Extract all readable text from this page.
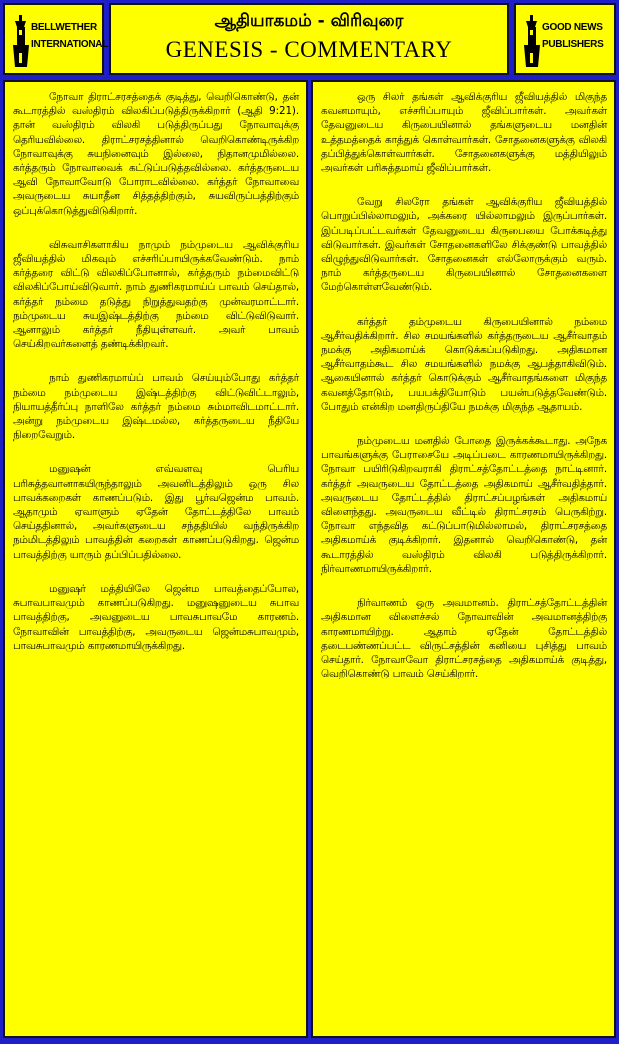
BELLWETHER
INTERNATIONAL
ஆதியாகமம் - விரிவுரை
GENESIS - COMMENTARY
GOOD NEWS
PUBLISHERS

நோவா திராட்சரசத்தைக் குடித்து, வெறிகொண்டு, தன் கூடாரத்தில் வஸ்திரம் விலகிப்படுத்திருக்கிறார் (ஆதி 9:21). தான் வஸ்திரம் விலகி படுத்திருப்பது நோவாவுக்கு தெரியவில்லை. திராட்சரசத்தினால் வெறிகொண்டிருக்கிற நோவாவுக்கு சுயநினைவும் இல்லை, நிதானமுமில்லை. கர்த்தரும் நோவாவைக் கட்டுப்படுத்தவில்லை. கர்த்தருடைய ஆவி நோவாவோடு போராடவில்லை. கர்த்தர் நோவாவை அவருடைய சுயாதீன சித்தத்திற்கும், சுயவிருப்பத்திற்கும் ஒப்புக்கொடுத்துவிடுகிறார்.

விசுவாசிகளாகிய நாமும் நம்முடைய ஆவிக்குரிய ஜீவியத்தில் மிகவும் எச்சரிப்பாயிருக்கவேண்டும். நாம் கர்த்தரை விட்டு விலகிப்போனால், கர்த்தரும் நம்மைவிட்டு விலகிப்போய்விடுவார். நாம் துணிகரமாய்ப் பாவம் செய்தால், கர்த்தர் நம்மை தடுத்து நிறுத்துவதற்கு முன்வரமாட்டார். நம்முடைய சுயஇஷ்டத்திற்கு நம்மை விட்டுவிடுவார். ஆனாலும் கர்த்தர் நீதியுள்ளவர். அவர் பாவம் செய்கிறவர்களைத் தண்டிக்கிறவர்.

நாம் துணிகரமாய்ப் பாவம் செய்யும்போது கர்த்தர் நம்மை நம்முடைய இஷ்டத்திற்கு விட்டுவிட்டாலும், நியாயத்தீர்ப்பு நாளிலே கர்த்தர் நம்மை சும்மாவிடமாட்டார். அன்று நம்முடைய இஷ்டமல்ல, கர்த்தருடைய நீதியே நிறைவேறும்.

மனுஷன் எவ்வளவு பெரிய பரிசுத்தவானாகயிருந்தாலும் அவனிடத்திலும் ஒரு சில பாவக்கறைகள் காணப்படும். இது பூர்வஜென்ம பாவம். ஆதாமும் ஏவாளும் ஏதேன் தோட்டத்திலே பாவம் செய்ததினால், அவர்களுடைய சந்ததியில் வந்திருக்கிற நம்மிடத்திலும் பாவத்தின் கறைகள் காணப்படுகிறது. ஜென்ம பாவத்திற்கு யாரும் தப்பிப்பதில்லை.

மனுஷர் மத்தியிலே ஜென்ம பாவத்தைப்போல, சுபாவபாவமும் காணப்படுகிறது. மனுஷனுடைய சுபாவ பாவத்திற்கு, அவனுடைய பாவசுபாவமே காரணம். நோவாவின் பாவத்திற்கு, அவருடைய ஜென்மசுபாவமும், பாவசுபாவமும் காரணமாயிருக்கிறது.

ஒரு சிலர் தங்கள் ஆவிக்குரிய ஜீவியத்தில் மிகுந்த கவனமாயும், எச்சரிப்பாயும் ஜீவிப்பார்கள். அவர்கள் தேவனுடைய கிருபையினால் தங்களுடைய மனதின் உத்தமத்தைக் காத்துக் கொள்வார்கள். சோதனைகளுக்கு விலகி தப்பித்துக்கொள்வார்கள். சோதனைகளுக்கு மத்தியிலும் அவர்கள் பரிசுத்தமாய் ஜீவிப்பார்கள்.

வேறு சிலரோ தங்கள் ஆவிக்குரிய ஜீவியத்தில் பொறுப்பில்லாமலும், அக்கரை யில்லாமலும் இருப்பார்கள். இப்படிப்பட்டவர்கள் தேவனுடைய கிருபையை போக்கடித்து விடுவார்கள். இவர்கள் சோதனைகளிலே சிக்குண்டு பாவத்தில் விழுந்துவிடுவார்கள். சோதனைகள் எல்லோருக்கும் வரும். நாம் கர்த்தருடைய கிருபையினால் சோதனைகளை மேற்கொள்ளவேண்டும்.

கர்த்தர் தம்முடைய கிருபையினால் நம்மை ஆசீர்வதிக்கிறார். சில சமயங்களில் கர்த்தருடைய ஆசீர்வாதம் நமக்கு அதிகமாய்க் கொடுக்கப்படுகிறது. அதிகமான ஆசீர்வாதம்கூட சில சமயங்களில் நமக்கு ஆபத்தாகிவிடும். ஆகையினால் கர்த்தர் கொடுக்கும் ஆசீர்வாதங்களை மிகுந்த கவனத்தோடும், பயபக்தியோடும் பயன்படுத்தவேண்டும். போதும் என்கிற மனதிருப்தியே நமக்கு மிகுந்த ஆதாயம்.

நம்முடைய மனதில் போதை இருக்கக்கூடாது. அநேக பாவங்களுக்கு பேராசையே அடிப்படை காரணமாயிருக்கிறது. நோவா பயிரிடுகிறவராகி திராட்சத்தோட்டத்தை நாட்டினார். கர்த்தர் அவருடைய தோட்டத்தை அதிகமாய் ஆசீர்வதித்தார். அவருடைய தோட்டத்தில் திராட்சப்பழங்கள் அதிகமாய் விளைந்தது. அவருடைய வீட்டில் திராட்சரசம் பெருகிற்று. நோவா எந்தவித கட்டுப்பாடுமில்லாமல், திராட்சரசத்தை அதிகமாய்க் குடிக்கிறார். இதனால் வெறிகொண்டு, தன் கூடாரத்தில் வஸ்திரம் விலகி படுத்திருக்கிறார். நிர்வாணமாயிருக்கிறார்.

நிர்வாணம் ஒரு அவமானம். திராட்சத்தோட்டத்தின் அதிகமான விளைச்சல் நோவாவின் அவமானத்திற்கு காரணமாயிற்று. ஆதாம் ஏதேன் தோட்டத்தில் தடைபண்ணப்பட்ட விருட்சத்தின் கனியை புசித்து பாவம் செய்தார். நோவாவோ திராட்சரசத்தை அதிகமாய்க் குடித்து, வெறிகொண்டு பாவம் செய்கிறார்.
